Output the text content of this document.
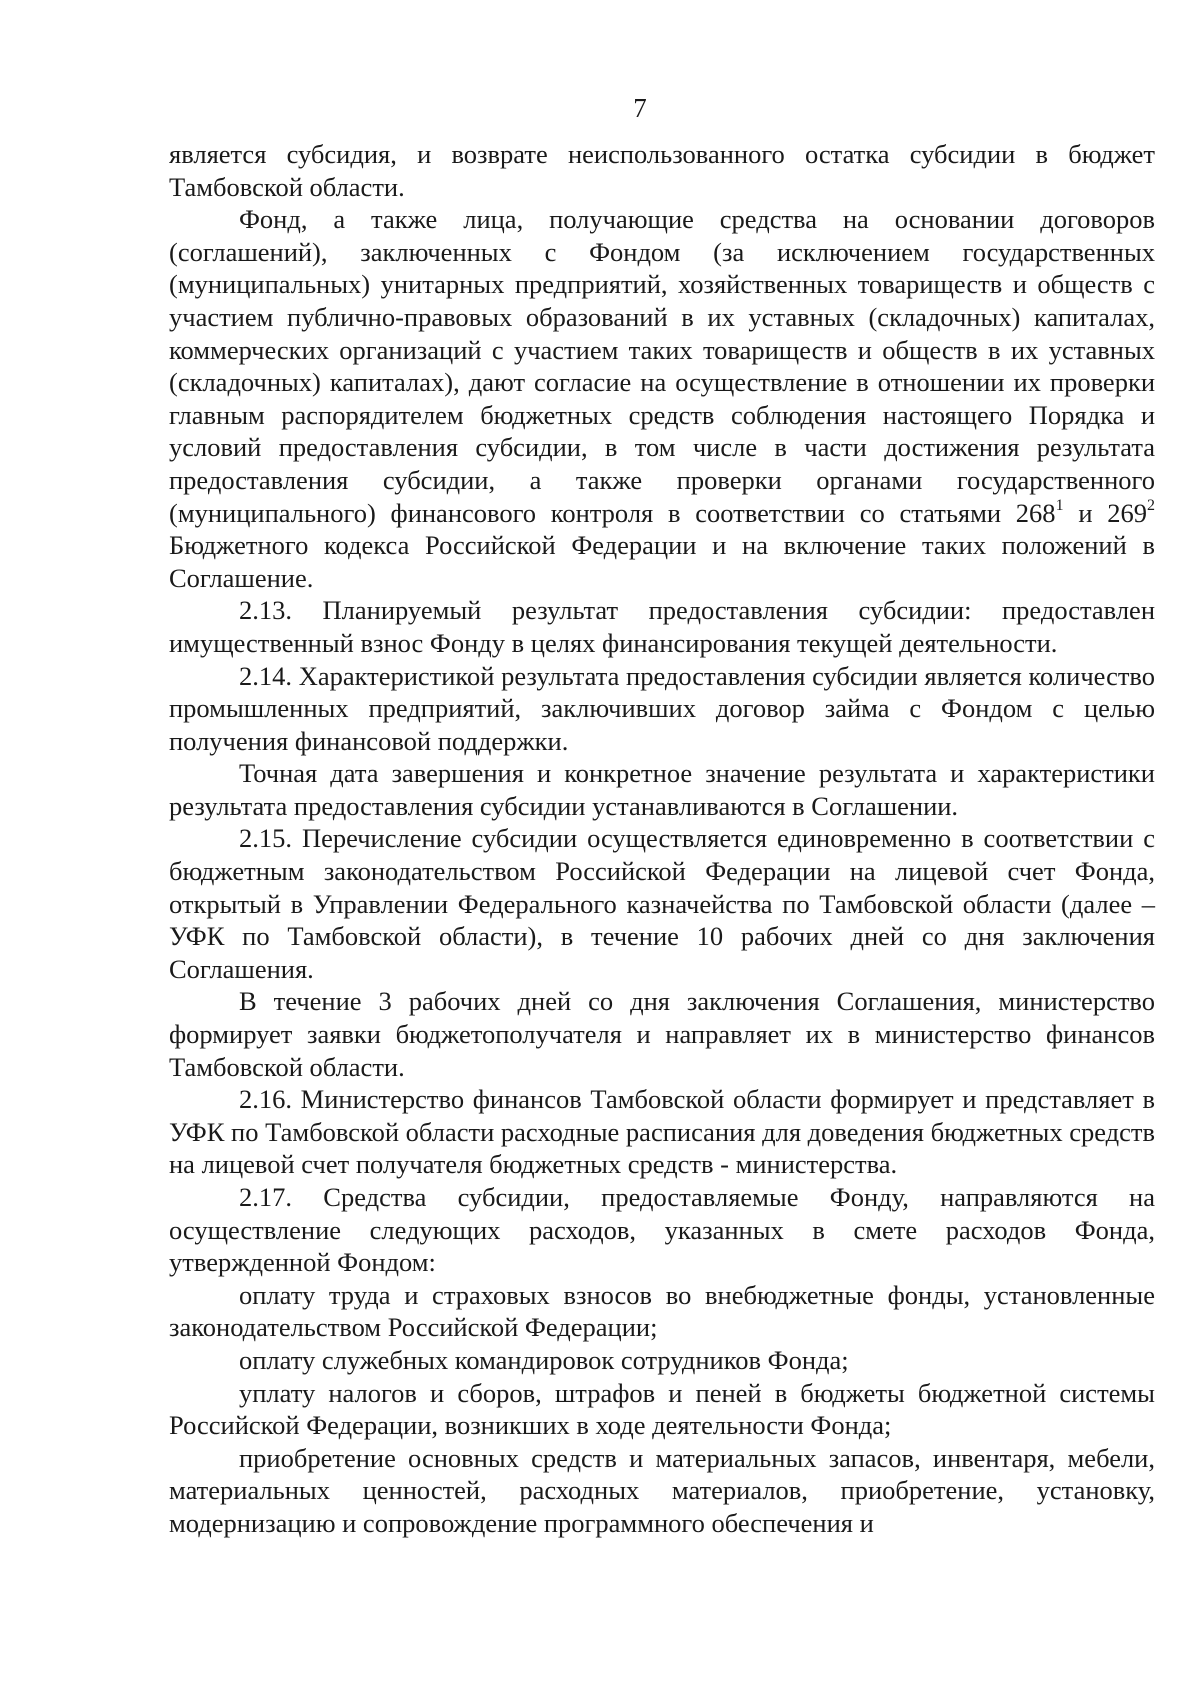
7

является субсидия, и возврате неиспользованного остатка субсидии в бюджет Тамбовской области.

Фонд, а также лица, получающие средства на основании договоров (соглашений), заключенных с Фондом (за исключением государственных (муниципальных) унитарных предприятий, хозяйственных товариществ и обществ с участием публично-правовых образований в их уставных (складочных) капиталах, коммерческих организаций с участием таких товариществ и обществ в их уставных (складочных) капиталах), дают согласие на осуществление в отношении их проверки главным распорядителем бюджетных средств соблюдения настоящего Порядка и условий предоставления субсидии, в том числе в части достижения результата предоставления субсидии, а также проверки органами государственного (муниципального) финансового контроля в соответствии со статьями $268^1$ и $269^2$ Бюджетного кодекса Российской Федерации и на включение таких положений в Соглашение.

2.13. Планируемый результат предоставления субсидии: предоставлен имущественный взнос Фонду в целях финансирования текущей деятельности.

2.14. Характеристикой результата предоставления субсидии является количество промышленных предприятий, заключивших договор займа с Фондом с целью получения финансовой поддержки.

Точная дата завершения и конкретное значение результата и характеристики результата предоставления субсидии устанавливаются в Соглашении.

2.15. Перечисление субсидии осуществляется единовременно в соответствии с бюджетным законодательством Российской Федерации на лицевой счет Фонда, открытый в Управлении Федерального казначейства по Тамбовской области (далее – УФК по Тамбовской области), в течение 10 рабочих дней со дня заключения Соглашения.

В течение 3 рабочих дней со дня заключения Соглашения, министерство формирует заявки бюджетополучателя и направляет их в министерство финансов Тамбовской области.

2.16. Министерство финансов Тамбовской области формирует и представляет в УФК по Тамбовской области расходные расписания для доведения бюджетных средств на лицевой счет получателя бюджетных средств - министерства.

2.17. Средства субсидии, предоставляемые Фонду, направляются на осуществление следующих расходов, указанных в смете расходов Фонда, утвержденной Фондом:

оплату труда и страховых взносов во внебюджетные фонды, установленные законодательством Российской Федерации;

оплату служебных командировок сотрудников Фонда;

уплату налогов и сборов, штрафов и пеней в бюджеты бюджетной системы Российской Федерации, возникших в ходе деятельности Фонда;

приобретение основных средств и материальных запасов, инвентаря, мебели, материальных ценностей, расходных материалов, приобретение, установку, модернизацию и сопровождение программного обеспечения и
